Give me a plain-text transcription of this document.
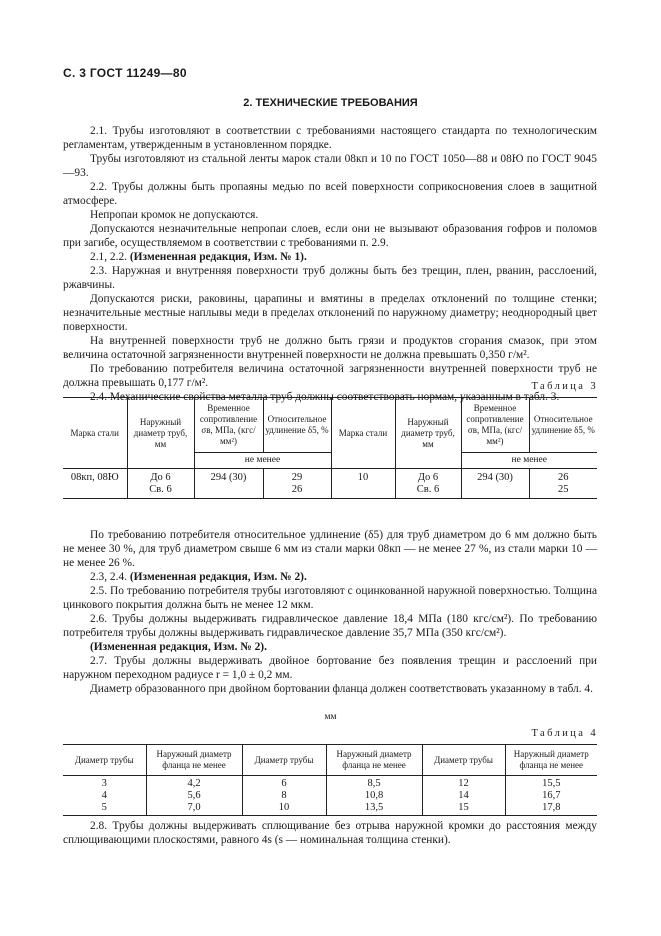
С. 3 ГОСТ 11249—80
2. ТЕХНИЧЕСКИЕ ТРЕБОВАНИЯ

2.1. Трубы изготовляют в соответствии с требованиями настоящего стандарта по технологическим регламентам, утвержденным в установленном порядке.

Трубы изготовляют из стальной ленты марок стали 08кп и 10 по ГОСТ 1050—88 и 08Ю по ГОСТ 9045—93.

2.2. Трубы должны быть пропаяны медью по всей поверхности соприкосновения слоев в защитной атмосфере.

Непропаи кромок не допускаются.

Допускаются незначительные непропаи слоев, если они не вызывают образования гофров и поломов при загибе, осуществляемом в соответствии с требованиями п. 2.9.

2.1, 2.2. (Измененная редакция, Изм. № 1).

2.3. Наружная и внутренняя поверхности труб должны быть без трещин, плен, рванин, расслоений, ржавчины.

Допускаются риски, раковины, царапины и вмятины в пределах отклонений по толщине стенки; незначительные местные наплывы меди в пределах отклонений по наружному диаметру; неоднородный цвет поверхности.

На внутренней поверхности труб не должно быть грязи и продуктов сгорания смазок, при этом величина остаточной загрязненности внутренней поверхности не должна превышать 0,350 г/м².

По требованию потребителя величина остаточной загрязненности внутренней поверхности труб не должна превышать 0,177 г/м².

2.4. Механические свойства металла труб должны соответствовать нормам, указанным в табл. 3.

Таблица 3
Марка стали	Наружный диаметр труб, мм	Временное сопротивление σв, МПа, (кгс/мм²)	Относительное удлинение δ5, %	Марка стали	Наружный диаметр труб, мм	Временное сопротивление σв, МПа, (кгс/мм²)	Относительное удлинение δ5, %
		не менее				не менее	
08кп, 08Ю	До 6	294 (30)	29	10	До 6	294 (30)	26
	Св. 6		26		Св. 6		25

По требованию потребителя относительное удлинение (δ5) для труб диаметром до 6 мм должно быть не менее 30 %, для труб диаметром свыше 6 мм из стали марки 08кп — не менее 27 %, из стали марки 10 — не менее 26 %.

2.3, 2.4. (Измененная редакция, Изм. № 2).

2.5. По требованию потребителя трубы изготовляют с оцинкованной наружной поверхностью. Толщина цинкового покрытия должна быть не менее 12 мкм.

2.6. Трубы должны выдерживать гидравлическое давление 18,4 МПа (180 кгс/см²). По требованию потребителя трубы должны выдерживать гидравлическое давление 35,7 МПа (350 кгс/см²).

(Измененная редакция, Изм. № 2).

2.7. Трубы должны выдерживать двойное бортование без появления трещин и расслоений при наружном переходном радиусе r = 1,0 ± 0,2 мм.

Диаметр образованного при двойном бортовании фланца должен соответствовать указанному в табл. 4.

мм
Таблица 4
Диаметр трубы	Наружный диаметр фланца не менее	Диаметр трубы	Наружный диаметр фланца не менее	Диаметр трубы	Наружный диаметр фланца не менее
3	4,2	6	8,5	12	15,5
4	5,6	8	10,8	14	16,7
5	7,0	10	13,5	15	17,8

2.8. Трубы должны выдерживать сплющивание без отрыва наружной кромки до расстояния между сплющивающими плоскостями, равного 4s (s — номинальная толщина стенки).
